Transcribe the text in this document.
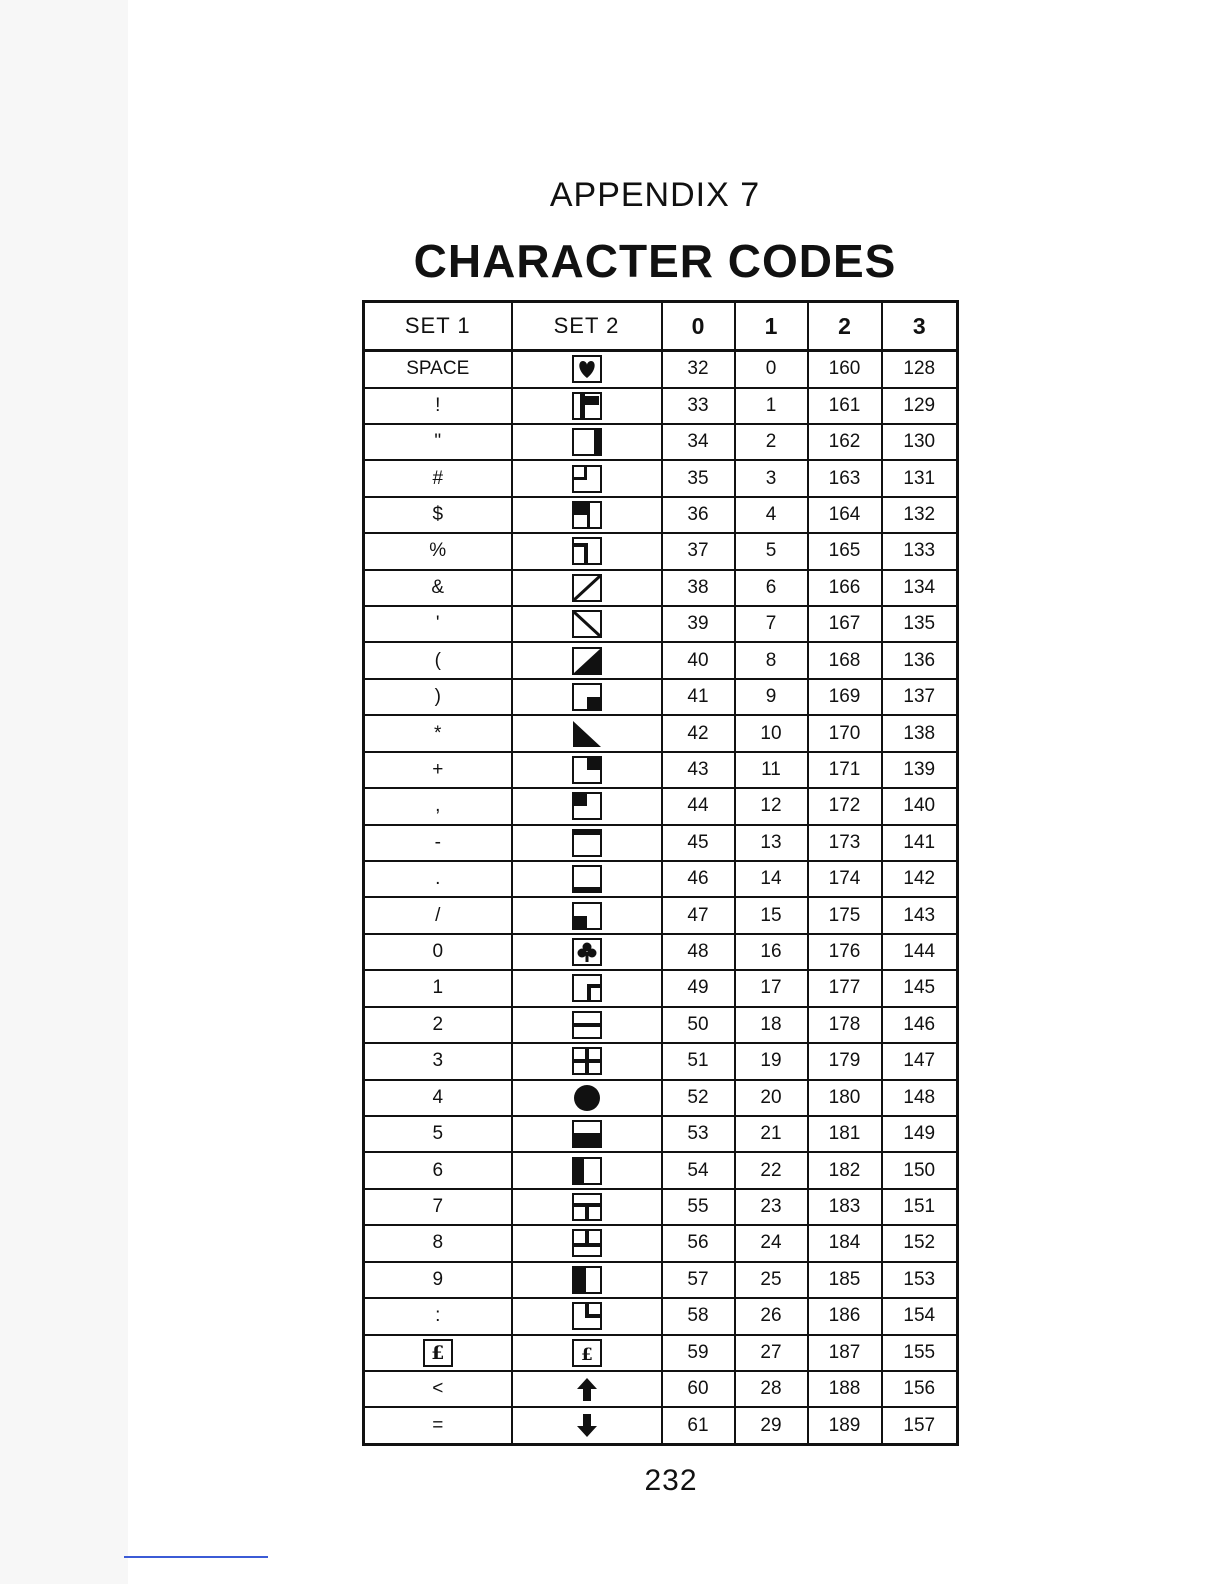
APPENDIX 7
CHARACTER CODES
SET 1	SET 2	0	1	2	3
SPACE		32	0	160	128
!		33	1	161	129
"		34	2	162	130
#		35	3	163	131
$		36	4	164	132
%		37	5	165	133
&		38	6	166	134
'		39	7	167	135
(		40	8	168	136
)		41	9	169	137
*		42	10	170	138
+		43	11	171	139
,		44	12	172	140
-		45	13	173	141
.		46	14	174	142
/		47	15	175	143
0		48	16	176	144
1		49	17	177	145
2		50	18	178	146
3		51	19	179	147
4		52	20	180	148
5		53	21	181	149
6		54	22	182	150
7		55	23	183	151
8		56	24	184	152
9		57	25	185	153
:		58	26	186	154
£	£	59	27	187	155
<		60	28	188	156
=		61	29	189	157
232
